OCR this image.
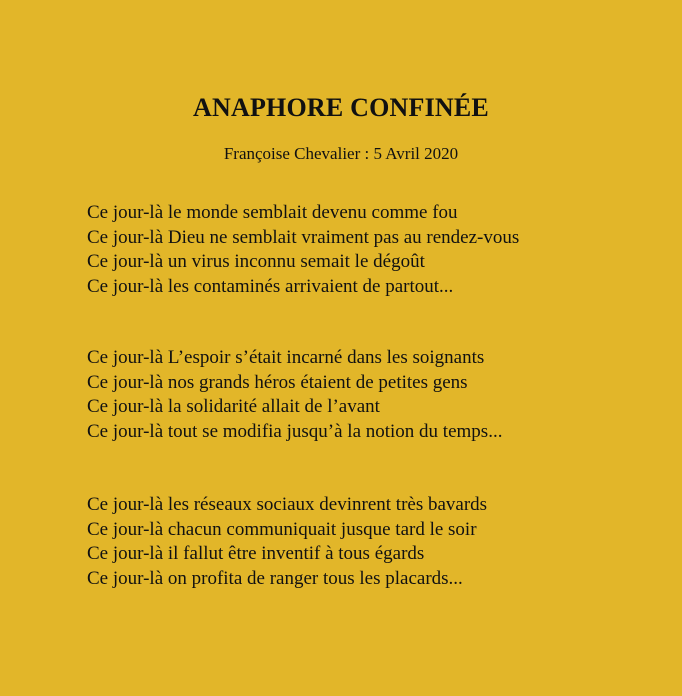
ANAPHORE CONFINÉE
Françoise Chevalier : 5 Avril 2020
Ce jour-là le monde semblait devenu comme fou
Ce jour-là Dieu ne semblait vraiment pas au rendez-vous
Ce jour-là un virus inconnu semait le dégoût
Ce jour-là les contaminés arrivaient de partout...
Ce jour-là L’espoir s’était incarné dans les soignants
Ce jour-là nos grands héros étaient de petites gens
Ce jour-là la solidarité allait de l’avant
Ce jour-là tout se modifia jusqu’à la notion du temps...
Ce jour-là les réseaux sociaux devinrent très bavards
Ce jour-là chacun communiquait jusque tard le soir
Ce jour-là il fallut être inventif à tous égards
Ce jour-là on profita de ranger tous les placards...
